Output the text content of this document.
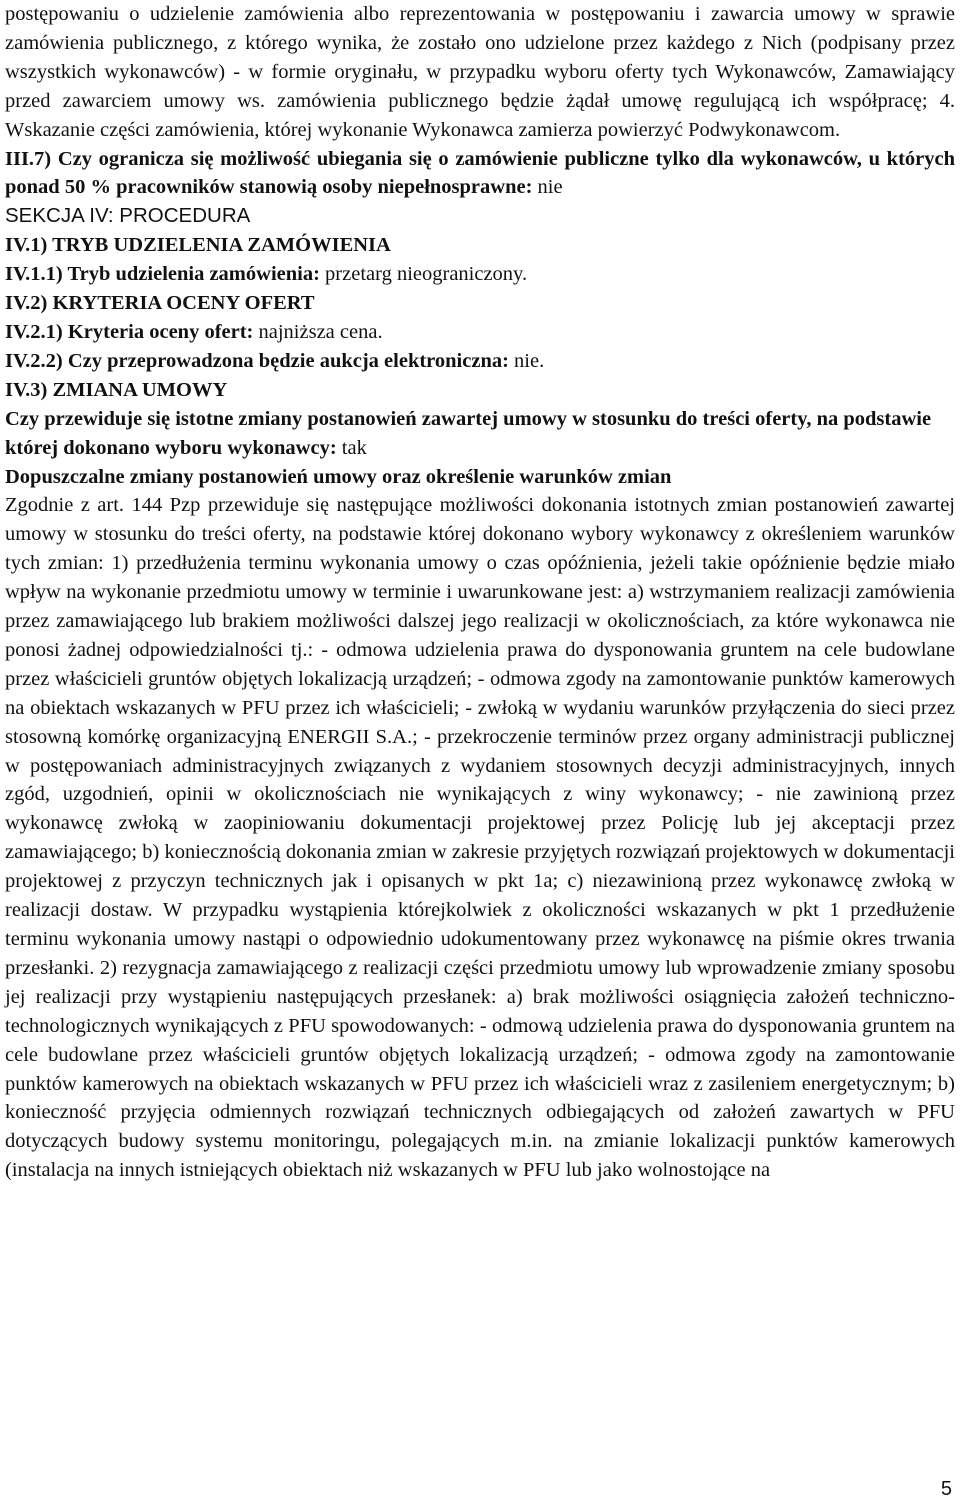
postępowaniu o udzielenie zamówienia albo reprezentowania w postępowaniu i zawarcia umowy w sprawie zamówienia publicznego, z którego wynika, że zostało ono udzielone przez każdego z Nich (podpisany przez wszystkich wykonawców) - w formie oryginału, w przypadku wyboru oferty tych Wykonawców, Zamawiający przed zawarciem umowy ws. zamówienia publicznego będzie żądał umowę regulującą ich współpracę; 4. Wskazanie części zamówienia, której wykonanie Wykonawca zamierza powierzyć Podwykonawcom.

III.7) Czy ogranicza się możliwość ubiegania się o zamówienie publiczne tylko dla wykonawców, u których ponad 50 % pracowników stanowią osoby niepełnosprawne: nie

SEKCJA IV: PROCEDURA

IV.1) TRYB UDZIELENIA ZAMÓWIENIA

IV.1.1) Tryb udzielenia zamówienia: przetarg nieograniczony.

IV.2) KRYTERIA OCENY OFERT

IV.2.1) Kryteria oceny ofert: najniższa cena.

IV.2.2) Czy przeprowadzona będzie aukcja elektroniczna: nie.

IV.3) ZMIANA UMOWY

Czy przewiduje się istotne zmiany postanowień zawartej umowy w stosunku do treści oferty, na podstawie której dokonano wyboru wykonawcy: tak

Dopuszczalne zmiany postanowień umowy oraz określenie warunków zmian

Zgodnie z art. 144 Pzp przewiduje się następujące możliwości dokonania istotnych zmian postanowień zawartej umowy w stosunku do treści oferty, na podstawie której dokonano wybory wykonawcy z określeniem warunków tych zmian: 1) przedłużenia terminu wykonania umowy o czas opóźnienia, jeżeli takie opóźnienie będzie miało wpływ na wykonanie przedmiotu umowy w terminie i uwarunkowane jest: a) wstrzymaniem realizacji zamówienia przez zamawiającego lub brakiem możliwości dalszej jego realizacji w okolicznościach, za które wykonawca nie ponosi żadnej odpowiedzialności tj.: - odmowa udzielenia prawa do dysponowania gruntem na cele budowlane przez właścicieli gruntów objętych lokalizacją urządzeń; - odmowa zgody na zamontowanie punktów kamerowych na obiektach wskazanych w PFU przez ich właścicieli; - zwłoką w wydaniu warunków przyłączenia do sieci przez stosowną komórkę organizacyjną ENERGII S.A.; - przekroczenie terminów przez organy administracji publicznej w postępowaniach administracyjnych związanych z wydaniem stosownych decyzji administracyjnych, innych zgód, uzgodnień, opinii w okolicznościach nie wynikających z winy wykonawcy; - nie zawinioną przez wykonawcę zwłoką w zaopiniowaniu dokumentacji projektowej przez Policję lub jej akceptacji przez zamawiającego; b) koniecznością dokonania zmian w zakresie przyjętych rozwiązań projektowych w dokumentacji projektowej z przyczyn technicznych jak i opisanych w pkt 1a; c) niezawinioną przez wykonawcę zwłoką w realizacji dostaw. W przypadku wystąpienia którejkolwiek z okoliczności wskazanych w pkt 1 przedłużenie terminu wykonania umowy nastąpi o odpowiednio udokumentowany przez wykonawcę na piśmie okres trwania przesłanki. 2) rezygnacja zamawiającego z realizacji części przedmiotu umowy lub wprowadzenie zmiany sposobu jej realizacji przy wystąpieniu następujących przesłanek: a) brak możliwości osiągnięcia założeń techniczno-technologicznych wynikających z PFU spowodowanych: - odmową udzielenia prawa do dysponowania gruntem na cele budowlane przez właścicieli gruntów objętych lokalizacją urządzeń; - odmowa zgody na zamontowanie punktów kamerowych na obiektach wskazanych w PFU przez ich właścicieli wraz z zasileniem energetycznym; b) konieczność przyjęcia odmiennych rozwiązań technicznych odbiegających od założeń zawartych w PFU dotyczących budowy systemu monitoringu, polegających m.in. na zmianie lokalizacji punktów kamerowych (instalacja na innych istniejących obiektach niż wskazanych w PFU lub jako wolnostojące na

5
